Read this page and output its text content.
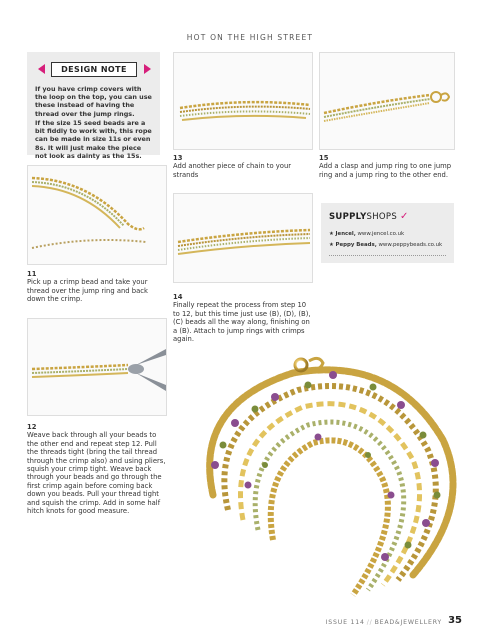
HOT ON THE HIGH STREET
DESIGN NOTE
If you have crimp covers with the loop on the top, you can use these instead of having the thread over the jump rings.
If the size 15 seed beads are a bit fiddly to work with, this rope can be made in size 11s or even 8s. It will just make the piece not look as dainty as the 15s.	13
Add another piece of chain to your strands
15
Add a clasp and jump ring to one jump ring and a jump ring to the other end.
SUPPLYSHOPS ✓
★ Jencel, www.jencel.co.uk
★ Peppy Beads, www.peppybeads.co.uk
11
Pick up a crimp bead and take your thread over the jump ring and back down the crimp.	14
Finally repeat the process from step 10 to 12, but this time just use (B), (D), (B), (C) beads all the way along, finishing on a (B). Attach to jump rings with crimps again.
12
Weave back through all your beads to the other end and repeat step 12. Pull the threads tight (bring the tail thread through the crimp also) and using pliers, squish your crimp tight. Weave back through your beads and go through the first crimp again before coming back down you beads. Pull your thread tight and squish the crimp. Add in some half hitch knots for good measure.
ISSUE 114 // BEAD&JEWELLERY 35
